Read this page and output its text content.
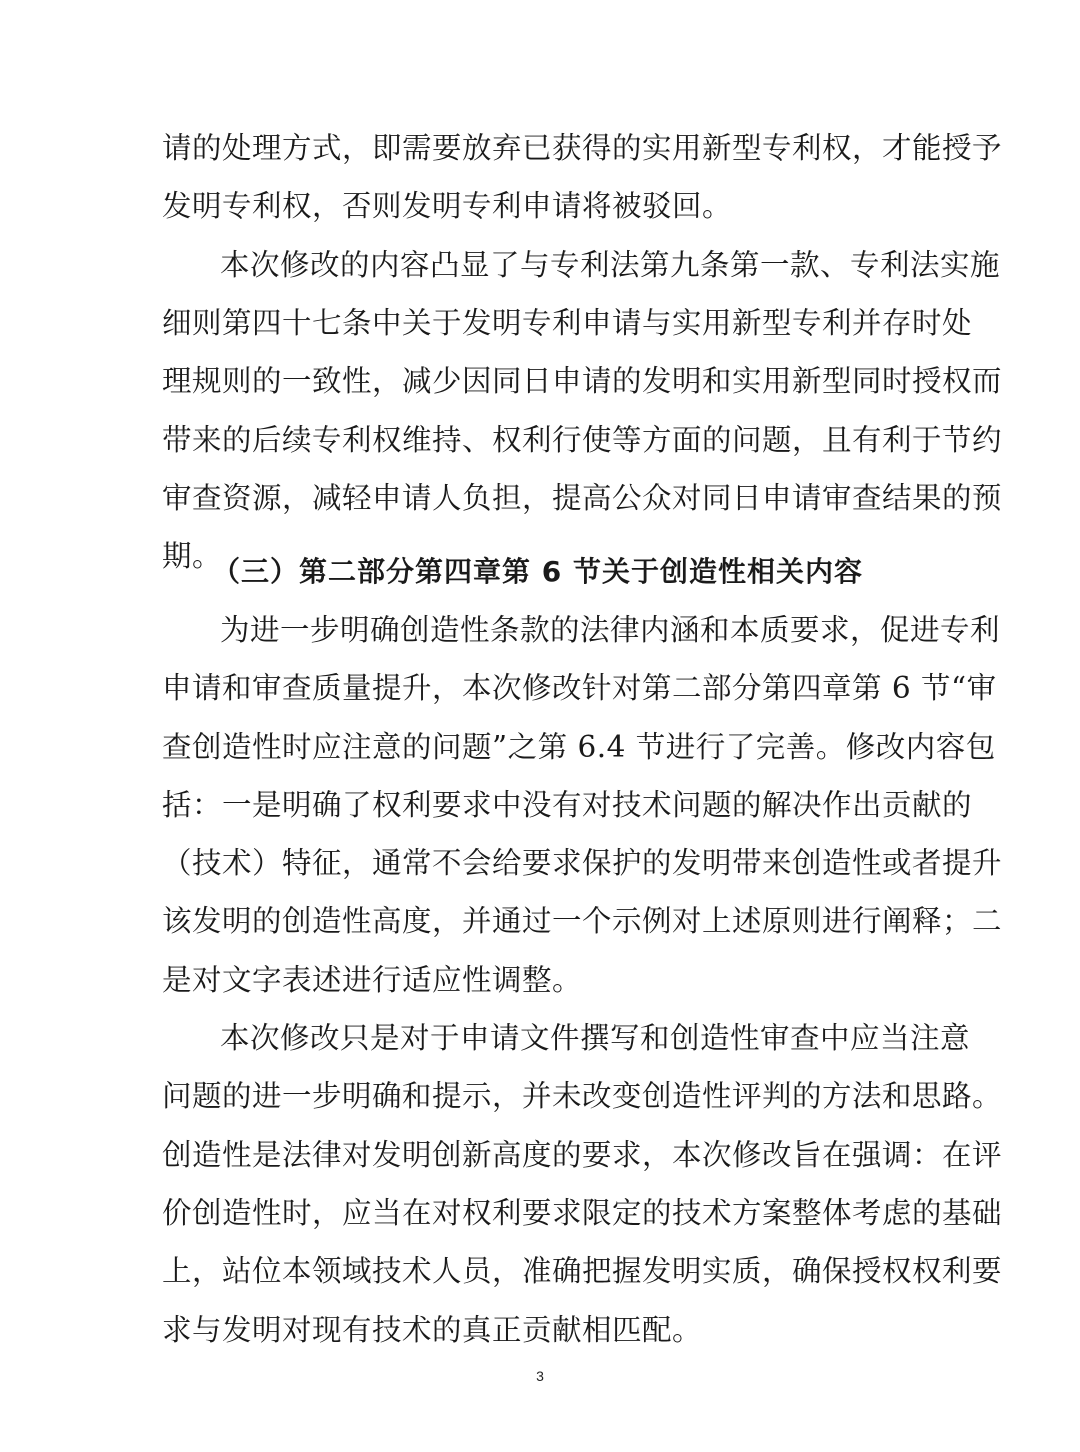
请的处理方式，即需要放弃已获得的实用新型专利权，才能授予
发明专利权，否则发明专利申请将被驳回。
本次修改的内容凸显了与专利法第九条第一款、专利法实施
细则第四十七条中关于发明专利申请与实用新型专利并存时处
理规则的一致性，减少因同日申请的发明和实用新型同时授权而
带来的后续专利权维持、权利行使等方面的问题，且有利于节约
审查资源，减轻申请人负担，提高公众对同日申请审查结果的预
期。
（三）第二部分第四章第 6 节关于创造性相关内容
为进一步明确创造性条款的法律内涵和本质要求，促进专利
申请和审查质量提升，本次修改针对第二部分第四章第 6 节“审
查创造性时应注意的问题”之第 6.4 节进行了完善。修改内容包
括：一是明确了权利要求中没有对技术问题的解决作出贡献的
（技术）特征，通常不会给要求保护的发明带来创造性或者提升
该发明的创造性高度，并通过一个示例对上述原则进行阐释；二
是对文字表述进行适应性调整。
本次修改只是对于申请文件撰写和创造性审查中应当注意
问题的进一步明确和提示，并未改变创造性评判的方法和思路。
创造性是法律对发明创新高度的要求，本次修改旨在强调：在评
价创造性时，应当在对权利要求限定的技术方案整体考虑的基础
上，站位本领域技术人员，准确把握发明实质，确保授权权利要
求与发明对现有技术的真正贡献相匹配。
3
